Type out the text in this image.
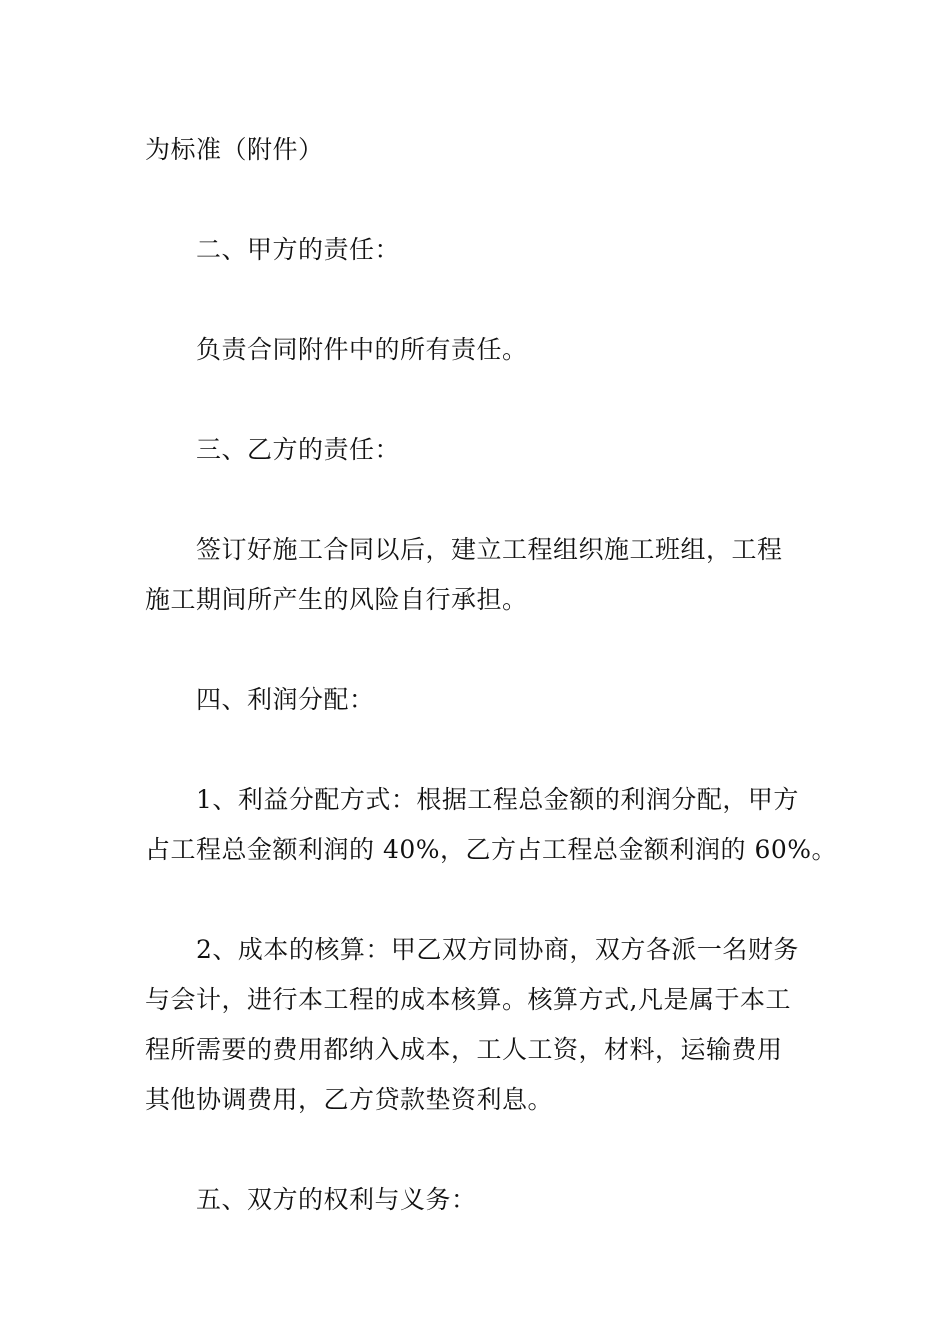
为标准（附件）
二、甲方的责任：
负责合同附件中的所有责任。
三、乙方的责任：
签订好施工合同以后，建立工程组织施工班组，工程
施工期间所产生的风险自行承担。
四、利润分配：
1、利益分配方式：根据工程总金额的利润分配，甲方
占工程总金额利润的 40%，乙方占工程总金额利润的 60%。
2、成本的核算：甲乙双方同协商，双方各派一名财务
与会计，进行本工程的成本核算。核算方式,凡是属于本工
程所需要的费用都纳入成本，工人工资，材料，运输费用
其他协调费用，乙方贷款垫资利息。
五、双方的权利与义务：
